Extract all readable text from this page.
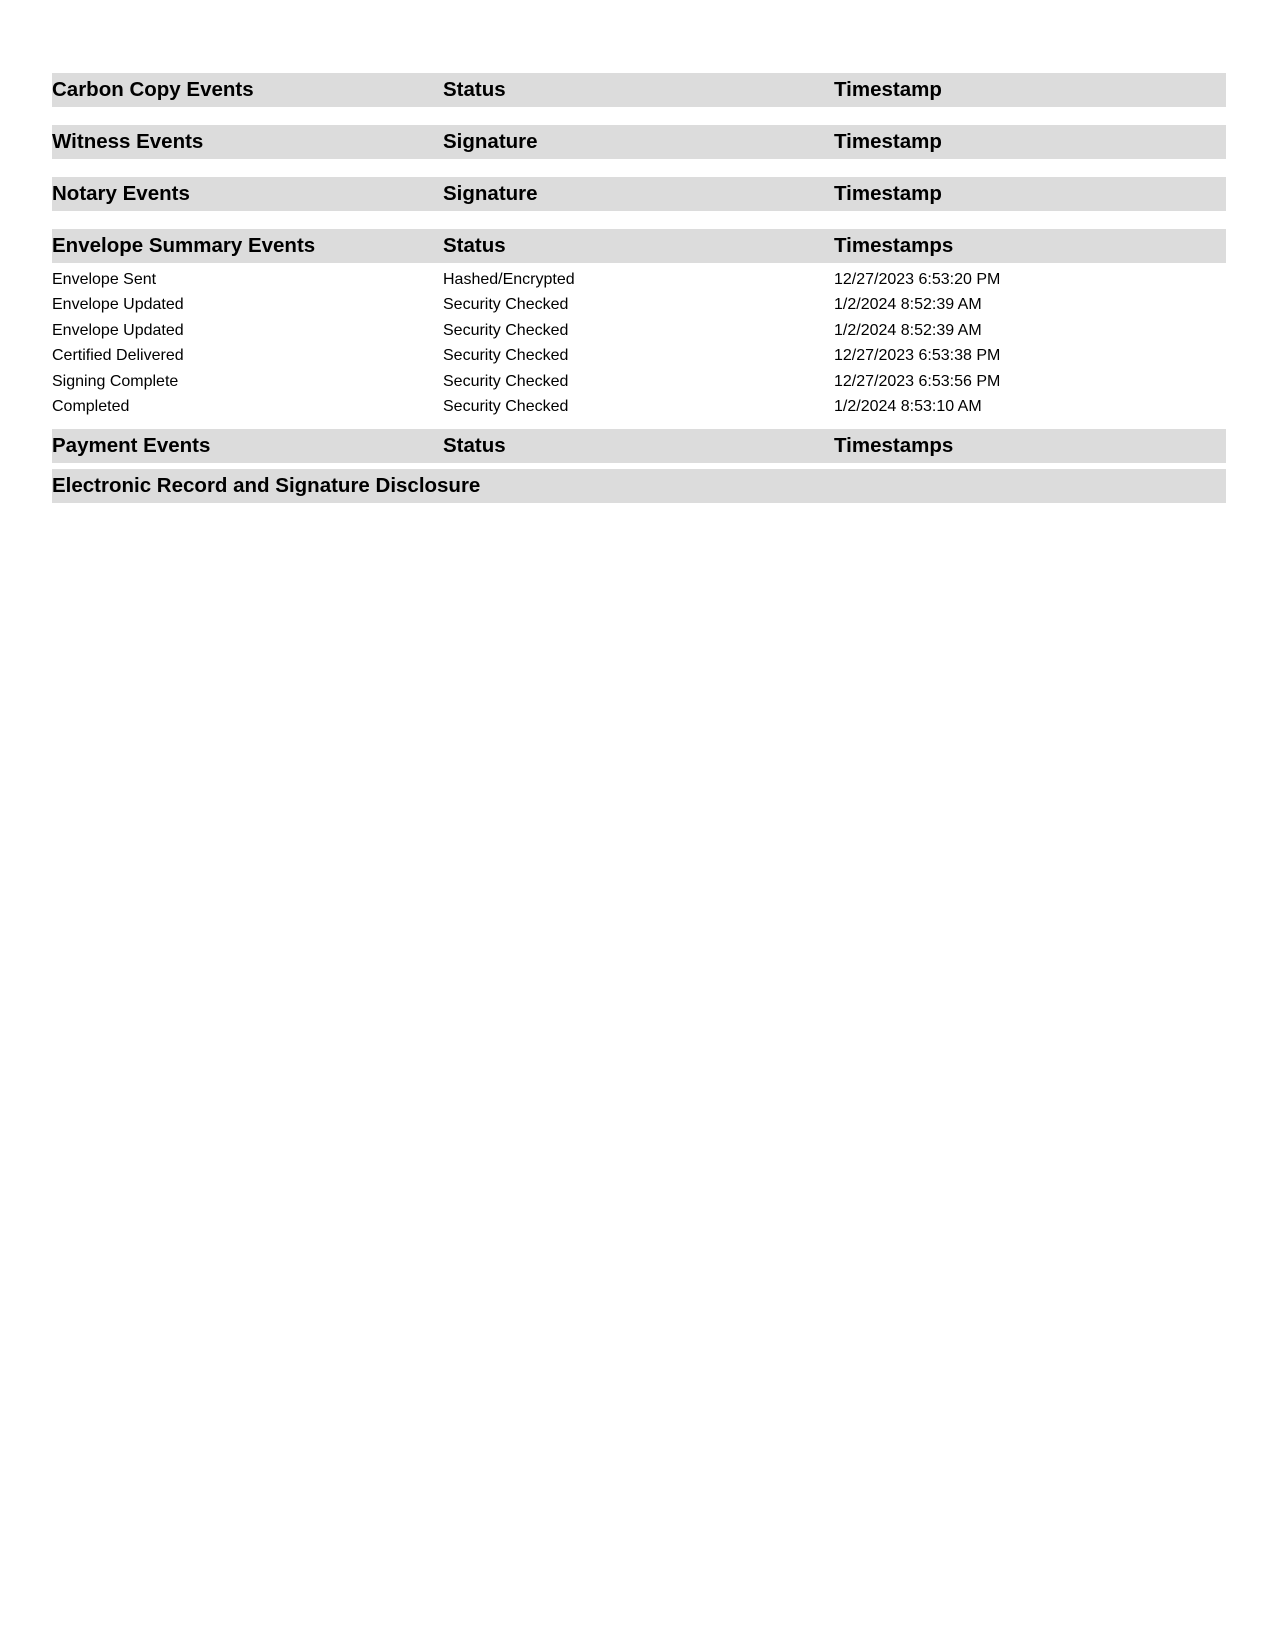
Carbon Copy Events	Status	Timestamp
Witness Events	Signature	Timestamp
Notary Events	Signature	Timestamp
Envelope Summary Events	Status	Timestamps
Envelope Sent	Hashed/Encrypted	12/27/2023 6:53:20 PM
Envelope Updated	Security Checked	1/2/2024 8:52:39 AM
Envelope Updated	Security Checked	1/2/2024 8:52:39 AM
Certified Delivered	Security Checked	12/27/2023 6:53:38 PM
Signing Complete	Security Checked	12/27/2023 6:53:56 PM
Completed	Security Checked	1/2/2024 8:53:10 AM
Payment Events	Status	Timestamps
Electronic Record and Signature Disclosure
